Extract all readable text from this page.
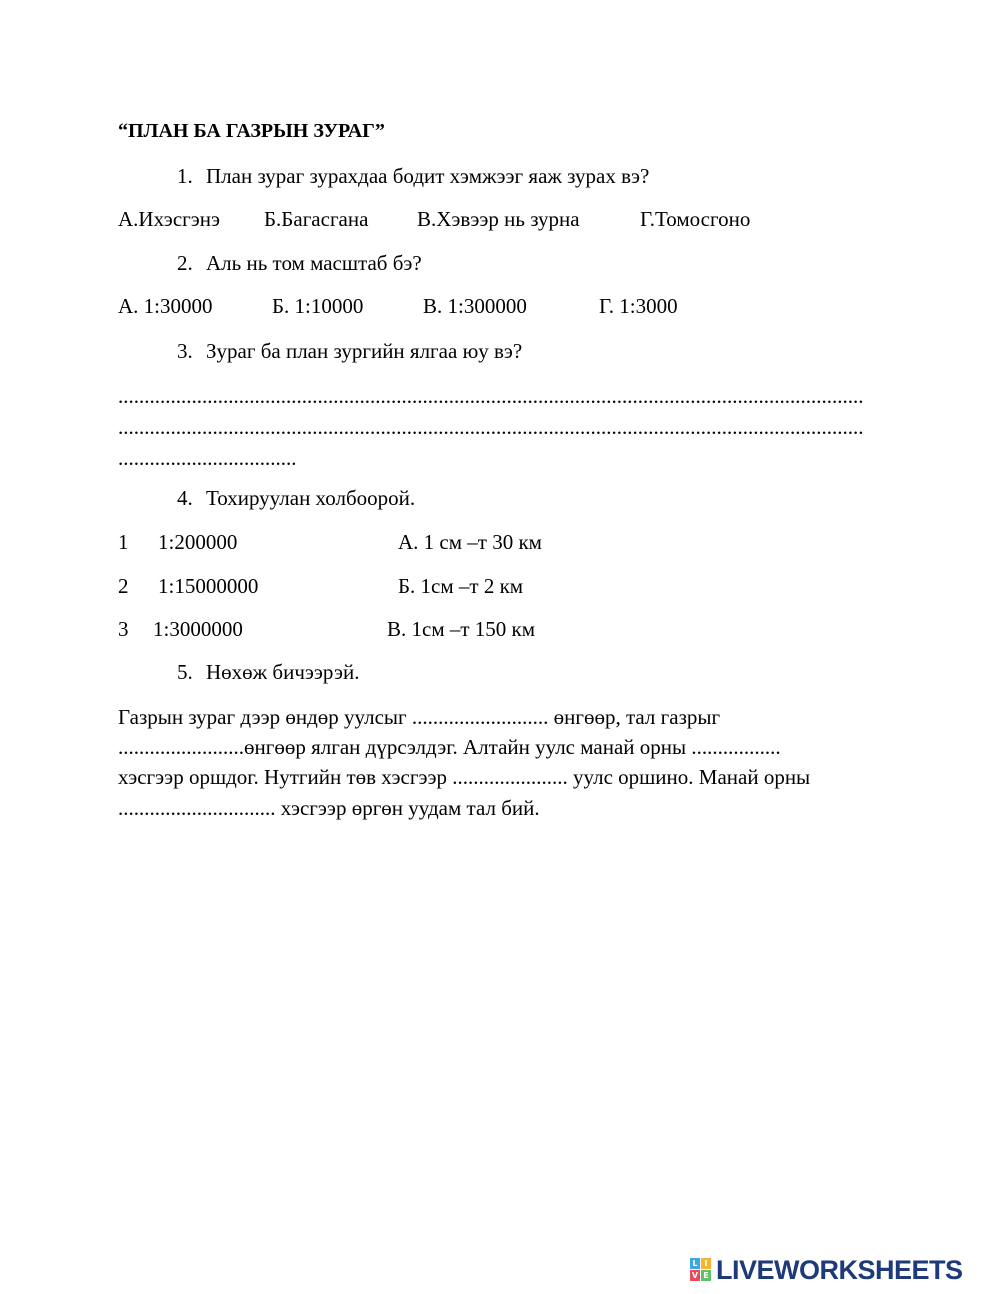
“ПЛАН БА ГАЗРЫН ЗУРАГ”
1. План зураг зурахдаа бодит хэмжээг яаж зурах вэ?
А.Ихэсгэнэ Б.Багасгана В.Хэвээр нь зурна	Г.Томосгоно
2. Аль нь том масштаб бэ?
А. 1:30000	Б. 1:10000	В. 1:300000	Г. 1:3000
3. Зураг ба план зургийн ялгаа юу вэ?
..............................................................................................................................................
..............................................................................................................................................
..................................
4. Тохируулан холбоорой.
1 1:200000	А. 1 см –т 30 км
2 1:15000000	Б. 1см –т 2 км
3 1:3000000	В. 1см –т 150 км
5. Нөхөж бичээрэй.
Газрын зураг дээр өндөр уулсыг .......................... өнгөөр, тал газрыг
........................өнгөөр ялган дүрсэлдэг. Алтайн уулс манай орны .................
хэсгээр оршдог. Нутгийн төв хэсгээр ...................... уулс оршино. Манай орны
.............................. хэсгээр өргөн уудам тал бий.
L I
V E LIVEWORKSHEETS
